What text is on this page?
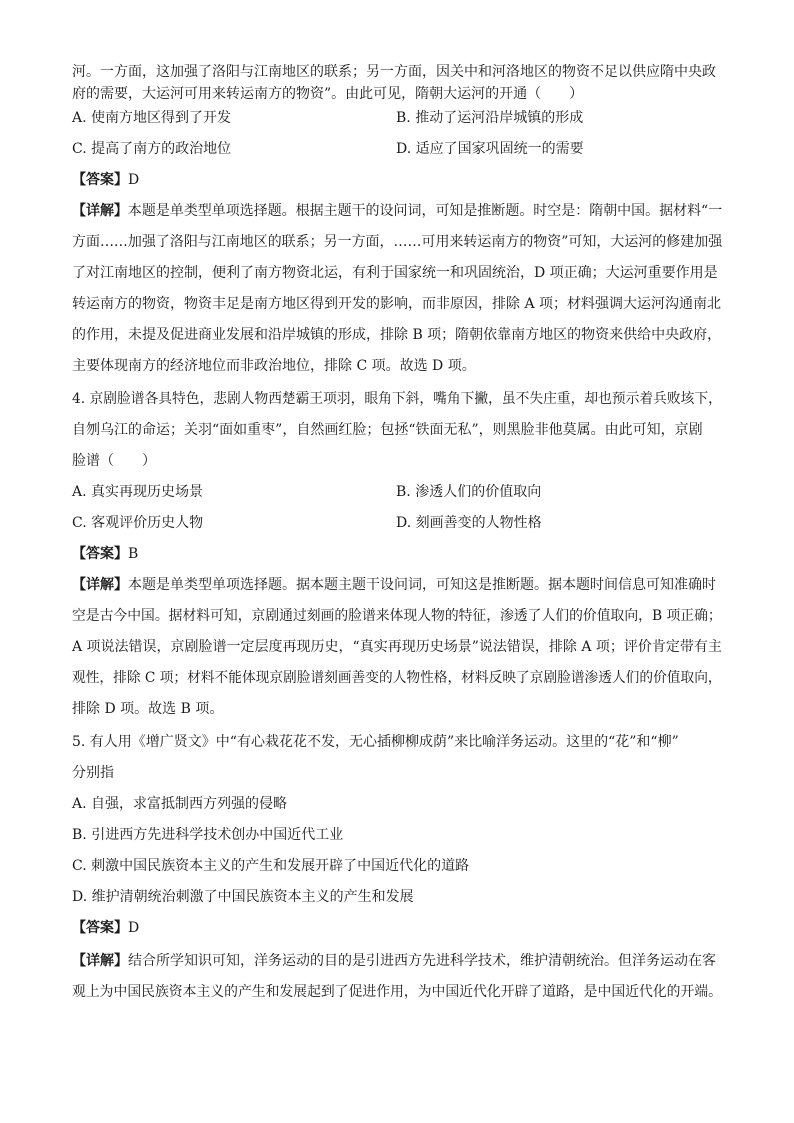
河。一方面，这加强了洛阳与江南地区的联系；另一方面，因关中和河洛地区的物资不足以供应隋中央政
府的需要，大运河可用来转运南方的物资”。由此可见，隋朝大运河的开通（　　）
A. 使南方地区得到了开发	B. 推动了运河沿岸城镇的形成
C. 提高了南方的政治地位	D. 适应了国家巩固统一的需要
【答案】D
【详解】本题是单类型单项选择题。根据主题干的设问词，可知是推断题。时空是：隋朝中国。据材料“一
方面……加强了洛阳与江南地区的联系；另一方面，……可用来转运南方的物资”可知，大运河的修建加强
了对江南地区的控制，便利了南方物资北运，有利于国家统一和巩固统治，D 项正确；大运河重要作用是
转运南方的物资，物资丰足是南方地区得到开发的影响，而非原因，排除 A 项；材料强调大运河沟通南北
的作用，未提及促进商业发展和沿岸城镇的形成，排除 B 项；隋朝依靠南方地区的物资来供给中央政府，
主要体现南方的经济地位而非政治地位，排除 C 项。故选 D 项。
4. 京剧脸谱各具特色，悲剧人物西楚霸王项羽，眼角下斜，嘴角下撇，虽不失庄重，却也预示着兵败垓下，
自刎乌江的命运；关羽“面如重枣”，自然画红脸；包拯“铁面无私”，则黑脸非他莫属。由此可知，京剧
脸谱（　　）
A. 真实再现历史场景	B. 渗透人们的价值取向
C. 客观评价历史人物	D. 刻画善变的人物性格
【答案】B
【详解】本题是单类型单项选择题。据本题主题干设问词，可知这是推断题。据本题时间信息可知准确时
空是古今中国。据材料可知，京剧通过刻画的脸谱来体现人物的特征，渗透了人们的价值取向，B 项正确；
A 项说法错误，京剧脸谱一定层度再现历史，“真实再现历史场景”说法错误，排除 A 项；评价肯定带有主
观性，排除 C 项；材料不能体现京剧脸谱刻画善变的人物性格，材料反映了京剧脸谱渗透人们的价值取向，
排除 D 项。故选 B 项。
5. 有人用《增广贤文》中“有心栽花花不发，无心插柳柳成荫”来比喻洋务运动。这里的“花”和“柳”
分别指
A. 自强，求富抵制西方列强的侵略
B. 引进西方先进科学技术创办中国近代工业
C. 刺激中国民族资本主义的产生和发展开辟了中国近代化的道路
D. 维护清朝统治刺激了中国民族资本主义的产生和发展
【答案】D
【详解】结合所学知识可知，洋务运动的目的是引进西方先进科学技术，维护清朝统治。但洋务运动在客
观上为中国民族资本主义的产生和发展起到了促进作用，为中国近代化开辟了道路，是中国近代化的开端。
